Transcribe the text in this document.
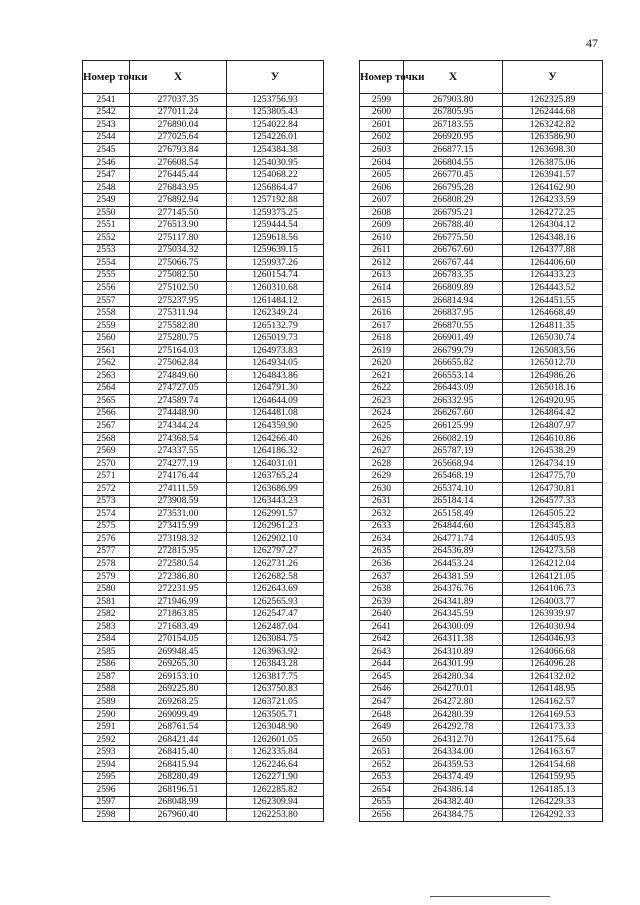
47
Номер точки	Х	У
2541	277037.35	1253756.93
2542	277011.24	1253805.43
2543	276890.04	1254022.84
2544	277025.64	1254226.01
2545	276793.84	1254384.38
2546	276608.54	1254030.95
2547	276445.44	1254068.22
2548	276843.95	1256864.47
2549	276892.94	1257192.88
2550	277145.50	1259375.25
2551	276513.90	1259444.54
2552	275117.80	1259618.56
2553	275034.32	1259639.15
2554	275066.75	1259937.26
2555	275082.50	1260154.74
2556	275102.50	1260310.68
2557	275237.95	1261484.12
2558	275311.94	1262349.24
2559	275582.80	1265132.79
2560	275280.75	1265019.73
2561	275164.03	1264973.83
2562	275062.84	1264934.05
2563	274849.60	1264843.86
2564	274727.05	1264791.30
2565	274589.74	1264644.09
2566	274448.90	1264481.08
2567	274344.24	1264359.90
2568	274368.54	1264266.40
2569	274337.55	1264186.32
2570	274277.19	1264031.01
2571	274176.44	1263765.24
2572	274111.59	1263686.99
2573	273908.59	1263443.23
2574	273531.00	1262991.57
2575	273415.99	1262961.23
2576	273198.32	1262902.10
2577	272815.95	1262797.27
2578	272580.54	1262731.26
2579	272386.80	1262682.58
2580	272231.95	1262643.69
2581	271946.99	1262565.93
2582	271863.85	1262547.47
2583	271683.49	1262487.04
2584	270154.05	1263084.75
2585	269948.45	1263963.92
2586	269265.30	1263843.28
2587	269153.10	1263817.75
2588	269225.80	1263750.83
2589	269268.25	1263721.05
2590	269099.49	1263505.71
2591	268761.54	1263048.90
2592	268421.44	1262601.05
2593	268415.40	1262335.84
2594	268415.94	1262246.64
2595	268280.49	1262271.90
2596	268196.51	1262285.82
2597	268048.99	1262309.94
2598	267960.40	1262253.80
Номер точки	Х	У
2599	267903.80	1262325.89
2600	267805.95	1262444.68
2601	267183.55	1263242.82
2602	266920.95	1263586.90
2603	266877.15	1263698.30
2604	266804.55	1263875.06
2605	266770.45	1263941.57
2606	266795.28	1264162.90
2607	266808.29	1264233.59
2608	266795.21	1264272.25
2609	266788.40	1264304.12
2610	266775.50	1264348.16
2611	266767.60	1264377.88
2612	266767.44	1264406.60
2613	266783.35	1264433.23
2614	266809.89	1264443.52
2615	266814.94	1264451.55
2616	266837.95	1264668.49
2617	266870.55	1264811.35
2618	266901.49	1265030.74
2619	266799.79	1265083.56
2620	266655.82	1265012.70
2621	266553.14	1264986.26
2622	266443.09	1265018.16
2623	266332.95	1264920.95
2624	266267.60	1264864.42
2625	266125.99	1264807.97
2626	266082.19	1264610.86
2627	265787.19	1264538.29
2628	265668.94	1264734.19
2629	265468.19	1264775.70
2630	265374.10	1264730.81
2631	265184.14	1264577.33
2632	265158.49	1264505.22
2633	264844.60	1264345.83
2634	264771.74	1264405.93
2635	264536.89	1264273.58
2636	264453.24	1264212.04
2637	264381.59	1264121.05
2638	264376.76	1264106.73
2639	264341.89	1264003.77
2640	264345.59	1263939.97
2641	264300.09	1264030.94
2642	264311.38	1264046.93
2643	264310.89	1264066.68
2644	264301.99	1264096.28
2645	264280.34	1264132.02
2646	264270.01	1264148.95
2647	264272.80	1264162.57
2648	264280.39	1264169.53
2649	264292.78	1264173.33
2650	264312.70	1264175.64
2651	264334.00	1264163.67
2652	264359.53	1264154.68
2653	264374.49	1264159.95
2654	264386.14	1264185.13
2655	264382.40	1264229.33
2656	264384.75	1264292.33
